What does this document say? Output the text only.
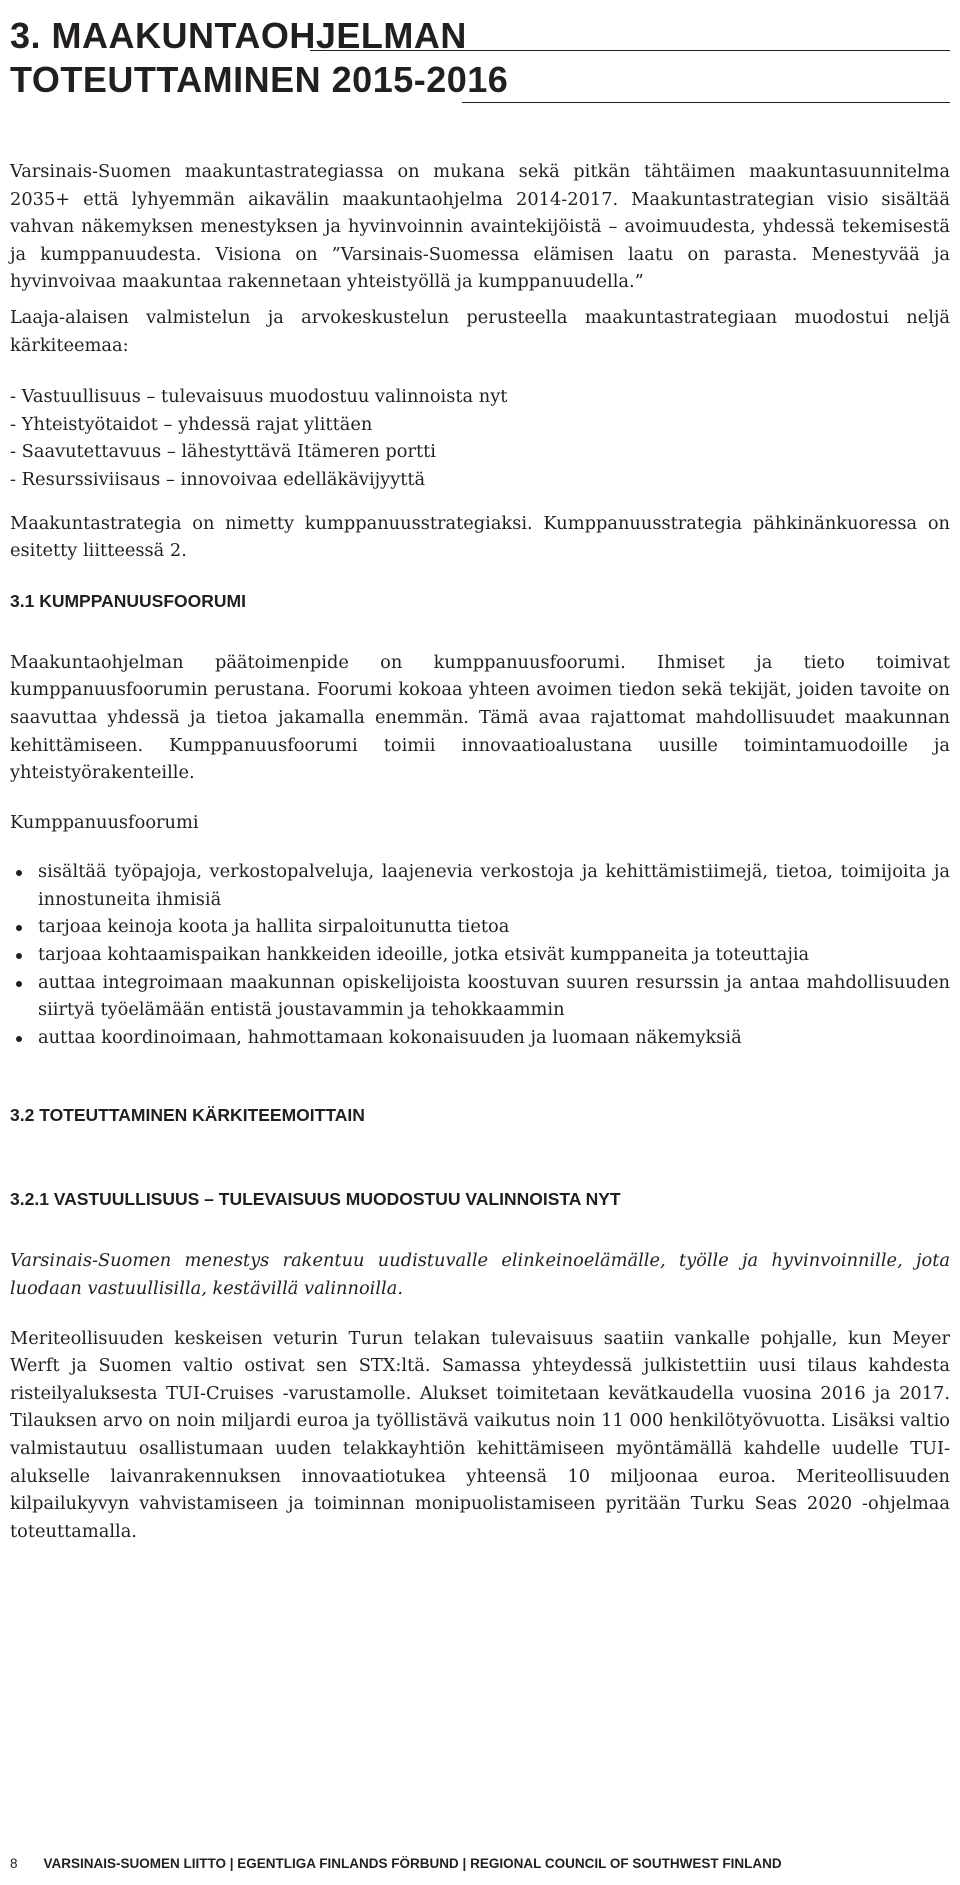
3. MAAKUNTAOHJELMAN
TOTEUTTAMINEN 2015-2016

Varsinais-Suomen maakuntastrategiassa on mukana sekä pitkän tähtäimen maakuntasuunnitelma 2035+ että lyhyemmän aikavälin maakuntaohjelma 2014-2017. Maakuntastrategian visio sisältää vahvan näkemyksen menestyksen ja hyvinvoinnin avaintekijöistä – avoimuudesta, yhdessä tekemisestä ja kumppanuudesta. Visiona on ”Varsinais-Suomessa elämisen laatu on parasta. Menestyvää ja hyvinvoivaa maakuntaa rakennetaan yhteistyöllä ja kumppanuudella.”

Laaja-alaisen valmistelun ja arvokeskustelun perusteella maakuntastrategiaan muodostui neljä kärkiteemaa:

- Vastuullisuus – tulevaisuus muodostuu valinnoista nyt
- Yhteistyötaidot – yhdessä rajat ylittäen
- Saavutettavuus – lähestyttävä Itämeren portti
- Resurssiviisaus – innovoivaa edelläkävijyyttä

Maakuntastrategia on nimetty kumppanuusstrategiaksi. Kumppanuusstrategia pähkinänkuoressa on esitetty liitteessä 2.

3.1 KUMPPANUUSFOORUMI

Maakuntaohjelman päätoimenpide on kumppanuusfoorumi. Ihmiset ja tieto toimivat kumppanuusfoorumin perustana. Foorumi kokoaa yhteen avoimen tiedon sekä tekijät, joiden tavoite on saavuttaa yhdessä ja tietoa jakamalla enemmän. Tämä avaa rajattomat mahdollisuudet maakunnan kehittämiseen. Kumppanuusfoorumi toimii innovaatioalustana uusille toimintamuodoille ja yhteistyörakenteille.

Kumppanuusfoorumi

sisältää työpajoja, verkostopalveluja, laajenevia verkostoja ja kehittämistiimejä, tietoa, toimijoita ja innostuneita ihmisiä
tarjoaa keinoja koota ja hallita sirpaloitunutta tietoa
tarjoaa kohtaamispaikan hankkeiden ideoille, jotka etsivät kumppaneita ja toteuttajia
auttaa integroimaan maakunnan opiskelijoista koostuvan suuren resurssin ja antaa mahdollisuuden siirtyä työelämään entistä joustavammin ja tehokkaammin
auttaa koordinoimaan, hahmottamaan kokonaisuuden ja luomaan näkemyksiä
3.2 TOTEUTTAMINEN KÄRKITEEMOITTAIN
3.2.1 VASTUULLISUUS – TULEVAISUUS MUODOSTUU VALINNOISTA NYT

Varsinais-Suomen menestys rakentuu uudistuvalle elinkeinoelämälle, työlle ja hyvinvoinnille, jota luodaan vastuullisilla, kestävillä valinnoilla.

Meriteollisuuden keskeisen veturin Turun telakan tulevaisuus saatiin vankalle pohjalle, kun Meyer Werft ja Suomen valtio ostivat sen STX:ltä. Samassa yhteydessä julkistettiin uusi tilaus kahdesta risteilyaluksesta TUI-Cruises -varustamolle. Alukset toimitetaan kevätkaudella vuosina 2016 ja 2017. Tilauksen arvo on noin miljardi euroa ja työllistävä vaikutus noin 11 000 henkilötyövuotta. Lisäksi valtio valmistautuu osallistumaan uuden telakkayhtiön kehittämiseen myöntämällä kahdelle uudelle TUI-alukselle laivanrakennuksen innovaatiotukea yhteensä 10 miljoonaa euroa. Meriteollisuuden kilpailukyvyn vahvistamiseen ja toiminnan monipuolistamiseen pyritään Turku Seas 2020 -ohjelmaa toteuttamalla.

8 VARSINAIS-SUOMEN LIITTO | EGENTLIGA FINLANDS FÖRBUND | REGIONAL COUNCIL OF SOUTHWEST FINLAND
